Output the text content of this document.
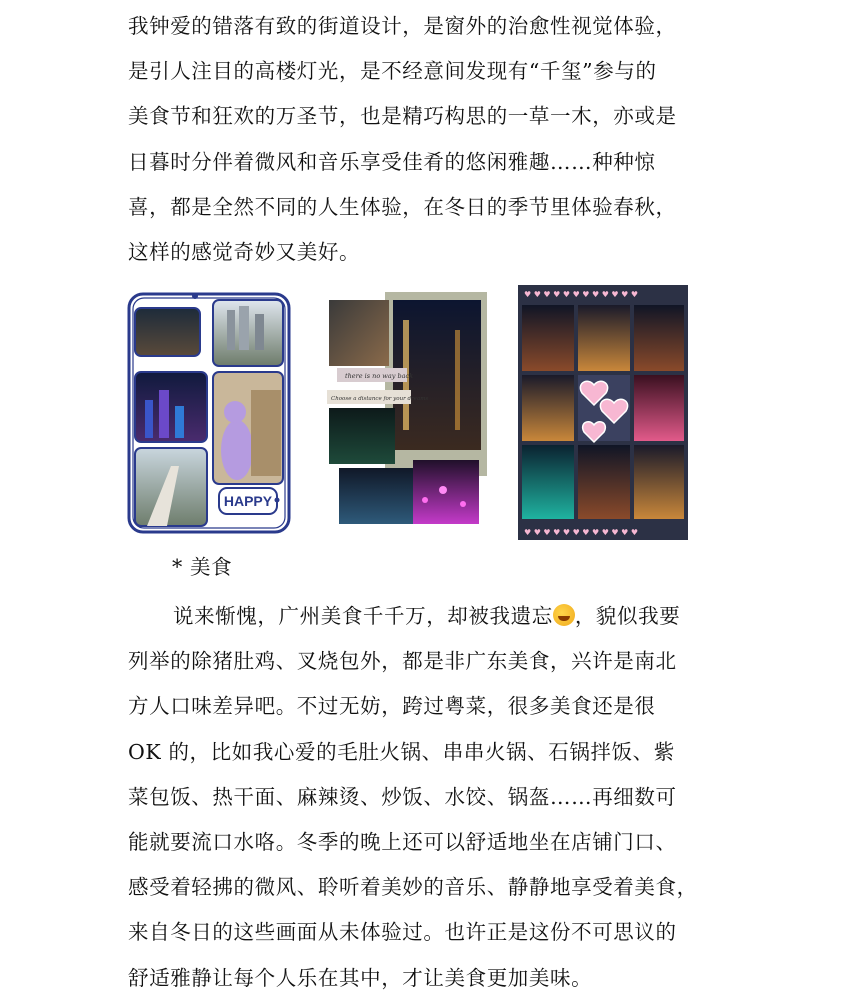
我钟爱的错落有致的街道设计，是窗外的治愈性视觉体验，
是引人注目的高楼灯光，是不经意间发现有“千玺”参与的
美食节和狂欢的万圣节，也是精巧构思的一草一木，亦或是
日暮时分伴着微风和音乐享受佳肴的悠闲雅趣……种种惊
喜，都是全然不同的人生体验，在冬日的季节里体验春秋，
这样的感觉奇妙又美好。
HAPPY
there is no way back
Choose a distance for your dreams
♥ ♥ ♥ ♥ ♥ ♥ ♥ ♥ ♥ ♥ ♥ ♥
♥ ♥ ♥ ♥ ♥ ♥ ♥ ♥ ♥ ♥ ♥ ♥
* 美食
说来惭愧，广州美食千千万，却被我遗忘 ，貌似我要
列举的除猪肚鸡、叉烧包外，都是非广东美食，兴许是南北
方人口味差异吧。不过无妨，跨过粤菜，很多美食还是很
OK 的，比如我心爱的毛肚火锅、串串火锅、石锅拌饭、紫
菜包饭、热干面、麻辣烫、炒饭、水饺、锅盔……再细数可
能就要流口水咯。冬季的晚上还可以舒适地坐在店铺门口、
感受着轻拂的微风、聆听着美妙的音乐、静静地享受着美食，
来自冬日的这些画面从未体验过。也许正是这份不可思议的
舒适雅静让每个人乐在其中，才让美食更加美味。
